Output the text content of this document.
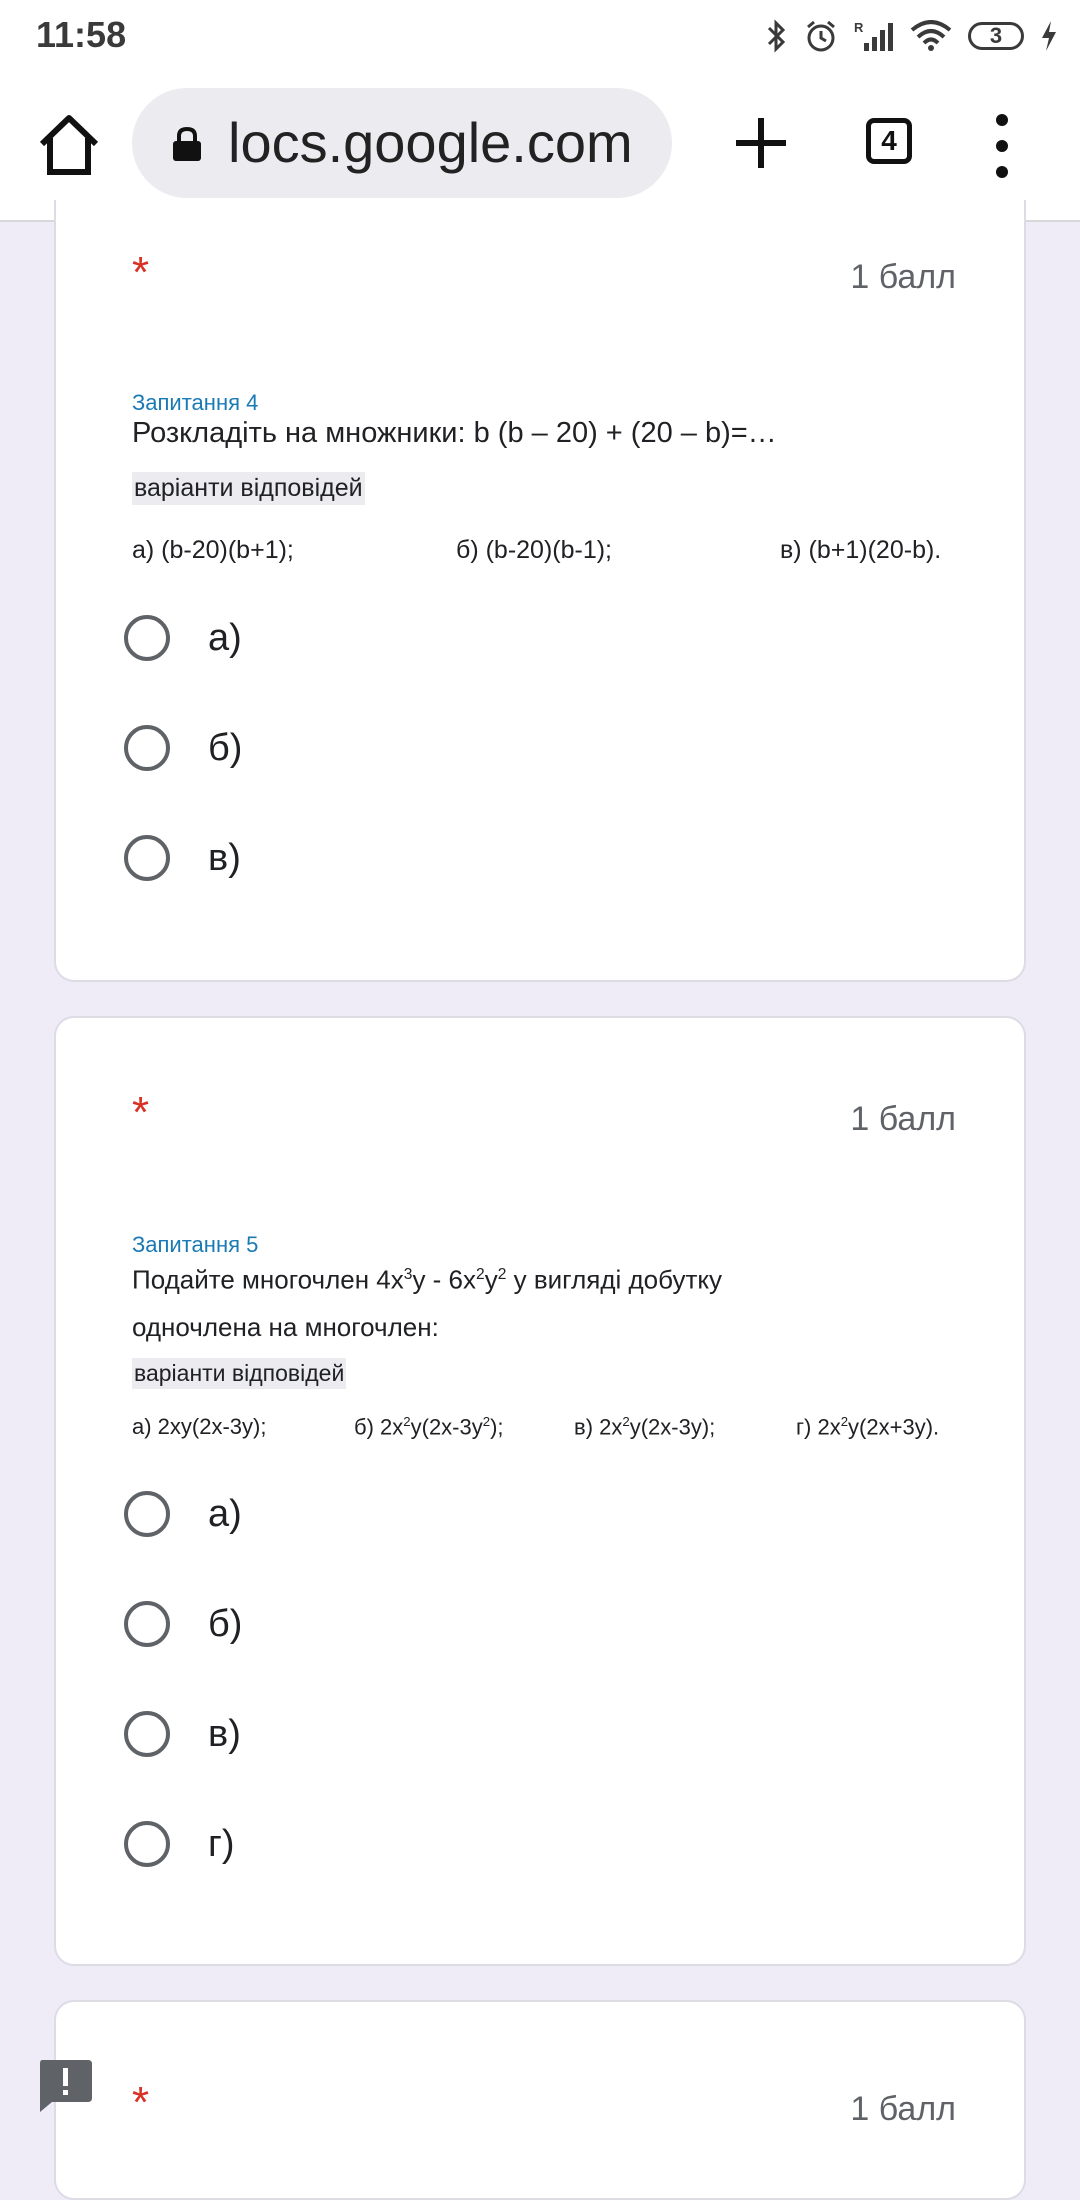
11:58	R	3
locs.google.com	4
*	1 балл
Запитання 4
Розкладіть на множники: b (b – 20) + (20 – b)=…
варіанти відповідей
а) (b-20)(b+1);	б) (b-20)(b-1);	в) (b+1)(20-b).
а)
б)
в)
*	1 балл
Запитання 5
Подайте многочлен $4x^3y - 6x^2y^2$ у вигляді добутку
одночлена на многочлен:
варіанти відповідей
а) 2xy(2x-3y);	б) $2x^2y(2x-3y^2)$;	в) $2x^2y(2x-3y)$;	г) $2x^2y(2x+3y)$.
а)
б)
в)
г)
*	1 балл
